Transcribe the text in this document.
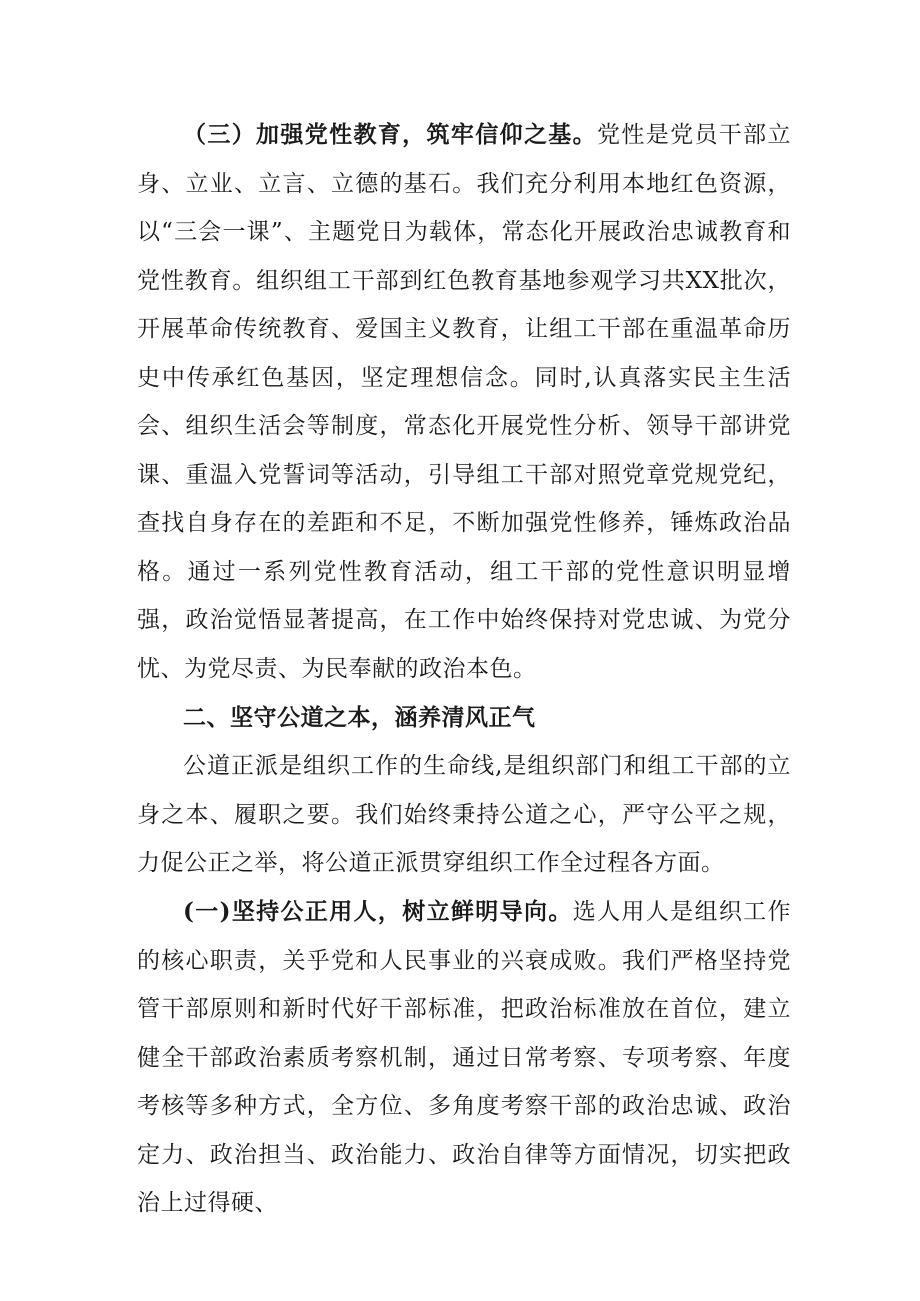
（三）加强党性教育，筑牢信仰之基。党性是党员干部立身、立业、立言、立德的基石。我们充分利用本地红色资源，以“三会一课”、主题党日为载体，常态化开展政治忠诚教育和党性教育。组织组工干部到红色教育基地参观学习共XX批次，开展革命传统教育、爱国主义教育，让组工干部在重温革命历史中传承红色基因，坚定理想信念。同时,认真落实民主生活会、组织生活会等制度，常态化开展党性分析、领导干部讲党课、重温入党誓词等活动，引导组工干部对照党章党规党纪，查找自身存在的差距和不足，不断加强党性修养，锤炼政治品格。通过一系列党性教育活动，组工干部的党性意识明显增强，政治觉悟显著提高，在工作中始终保持对党忠诚、为党分忧、为党尽责、为民奉献的政治本色。

二、坚守公道之本，涵养清风正气

公道正派是组织工作的生命线,是组织部门和组工干部的立身之本、履职之要。我们始终秉持公道之心，严守公平之规，力促公正之举，将公道正派贯穿组织工作全过程各方面。

(一)坚持公正用人，树立鲜明导向。选人用人是组织工作的核心职责，关乎党和人民事业的兴衰成败。我们严格坚持党管干部原则和新时代好干部标准，把政治标准放在首位，建立健全干部政治素质考察机制，通过日常考察、专项考察、年度考核等多种方式，全方位、多角度考察干部的政治忠诚、政治定力、政治担当、政治能力、政治自律等方面情况，切实把政治上过得硬、
